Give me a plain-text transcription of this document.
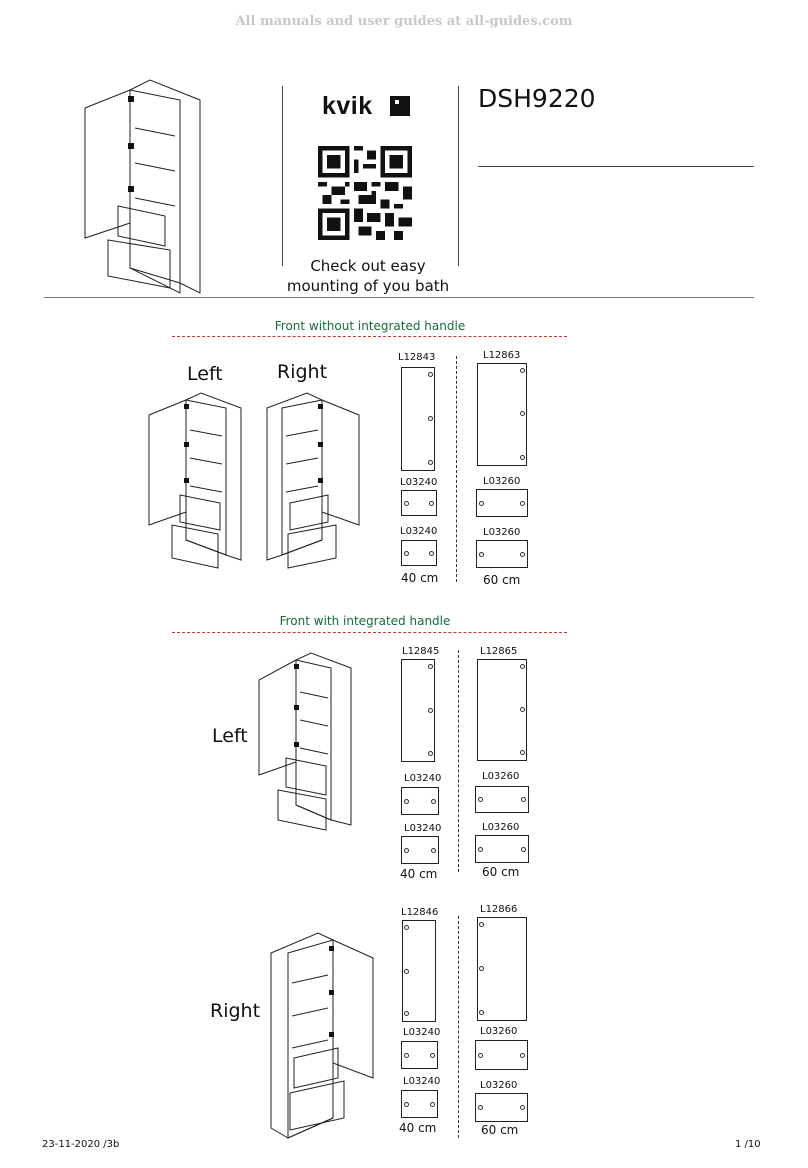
All manuals and user guides at all-guides.com
kvik	DSH9220
Check out easy
mounting of you bath
Front without integrated handle
Left	Right
L12843
L03240
L03240
40 cm
L12863
L03260
L03260
60 cm
Front with integrated handle
Left
L12845
L03240
L03240
40 cm
L12865
L03260
L03260
60 cm
Right
L12846
L03240
L03240
40 cm
L12866
L03260
L03260
60 cm
23-11-2020 /3b	1 /10
